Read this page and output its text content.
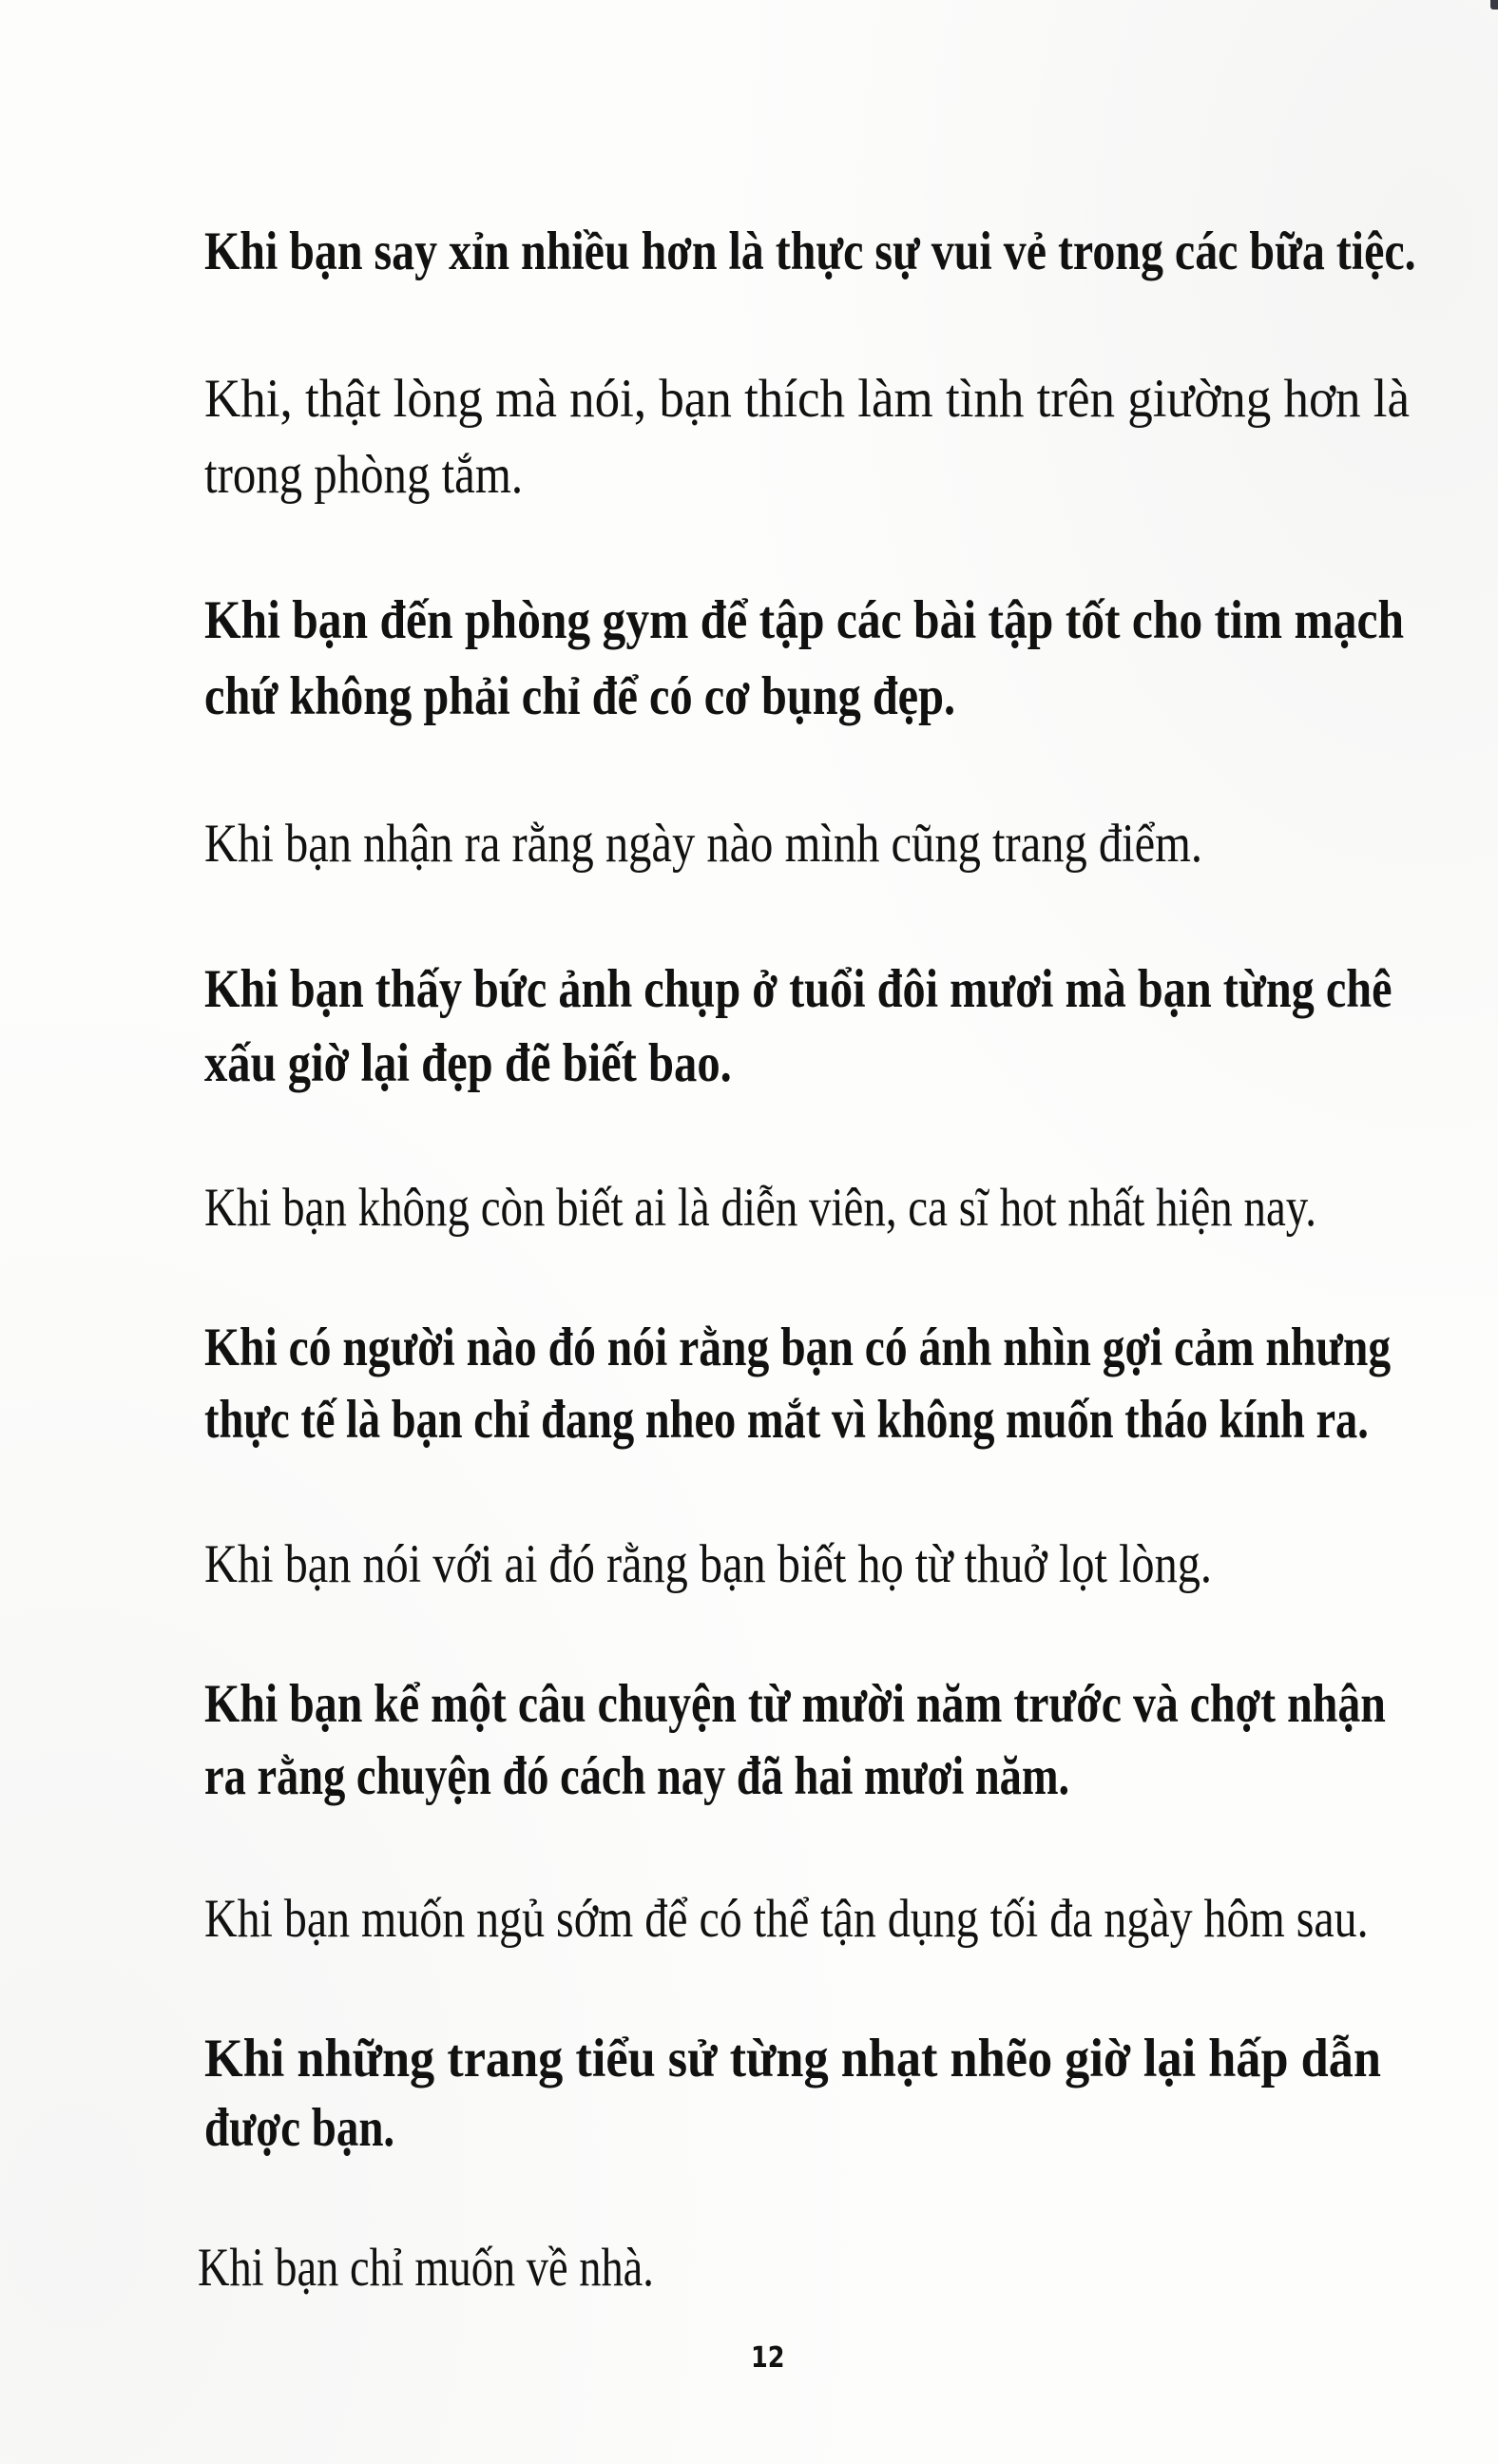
Khi bạn say xỉn nhiều hơn là thực sự vui vẻ trong các bữa tiệc.
Khi, thật lòng mà nói, bạn thích làm tình trên giường hơn là
trong phòng tắm.
Khi bạn đến phòng gym để tập các bài tập tốt cho tim mạch
chứ không phải chỉ để có cơ bụng đẹp.
Khi bạn nhận ra rằng ngày nào mình cũng trang điểm.
Khi bạn thấy bức ảnh chụp ở tuổi đôi mươi mà bạn từng chê
xấu giờ lại đẹp đẽ biết bao.
Khi bạn không còn biết ai là diễn viên, ca sĩ hot nhất hiện nay.
Khi có người nào đó nói rằng bạn có ánh nhìn gợi cảm nhưng
thực tế là bạn chỉ đang nheo mắt vì không muốn tháo kính ra.
Khi bạn nói với ai đó rằng bạn biết họ từ thuở lọt lòng.
Khi bạn kể một câu chuyện từ mười năm trước và chợt nhận
ra rằng chuyện đó cách nay đã hai mươi năm.
Khi bạn muốn ngủ sớm để có thể tận dụng tối đa ngày hôm sau.
Khi những trang tiểu sử từng nhạt nhẽo giờ lại hấp dẫn
được bạn.
Khi bạn chỉ muốn về nhà.
12
